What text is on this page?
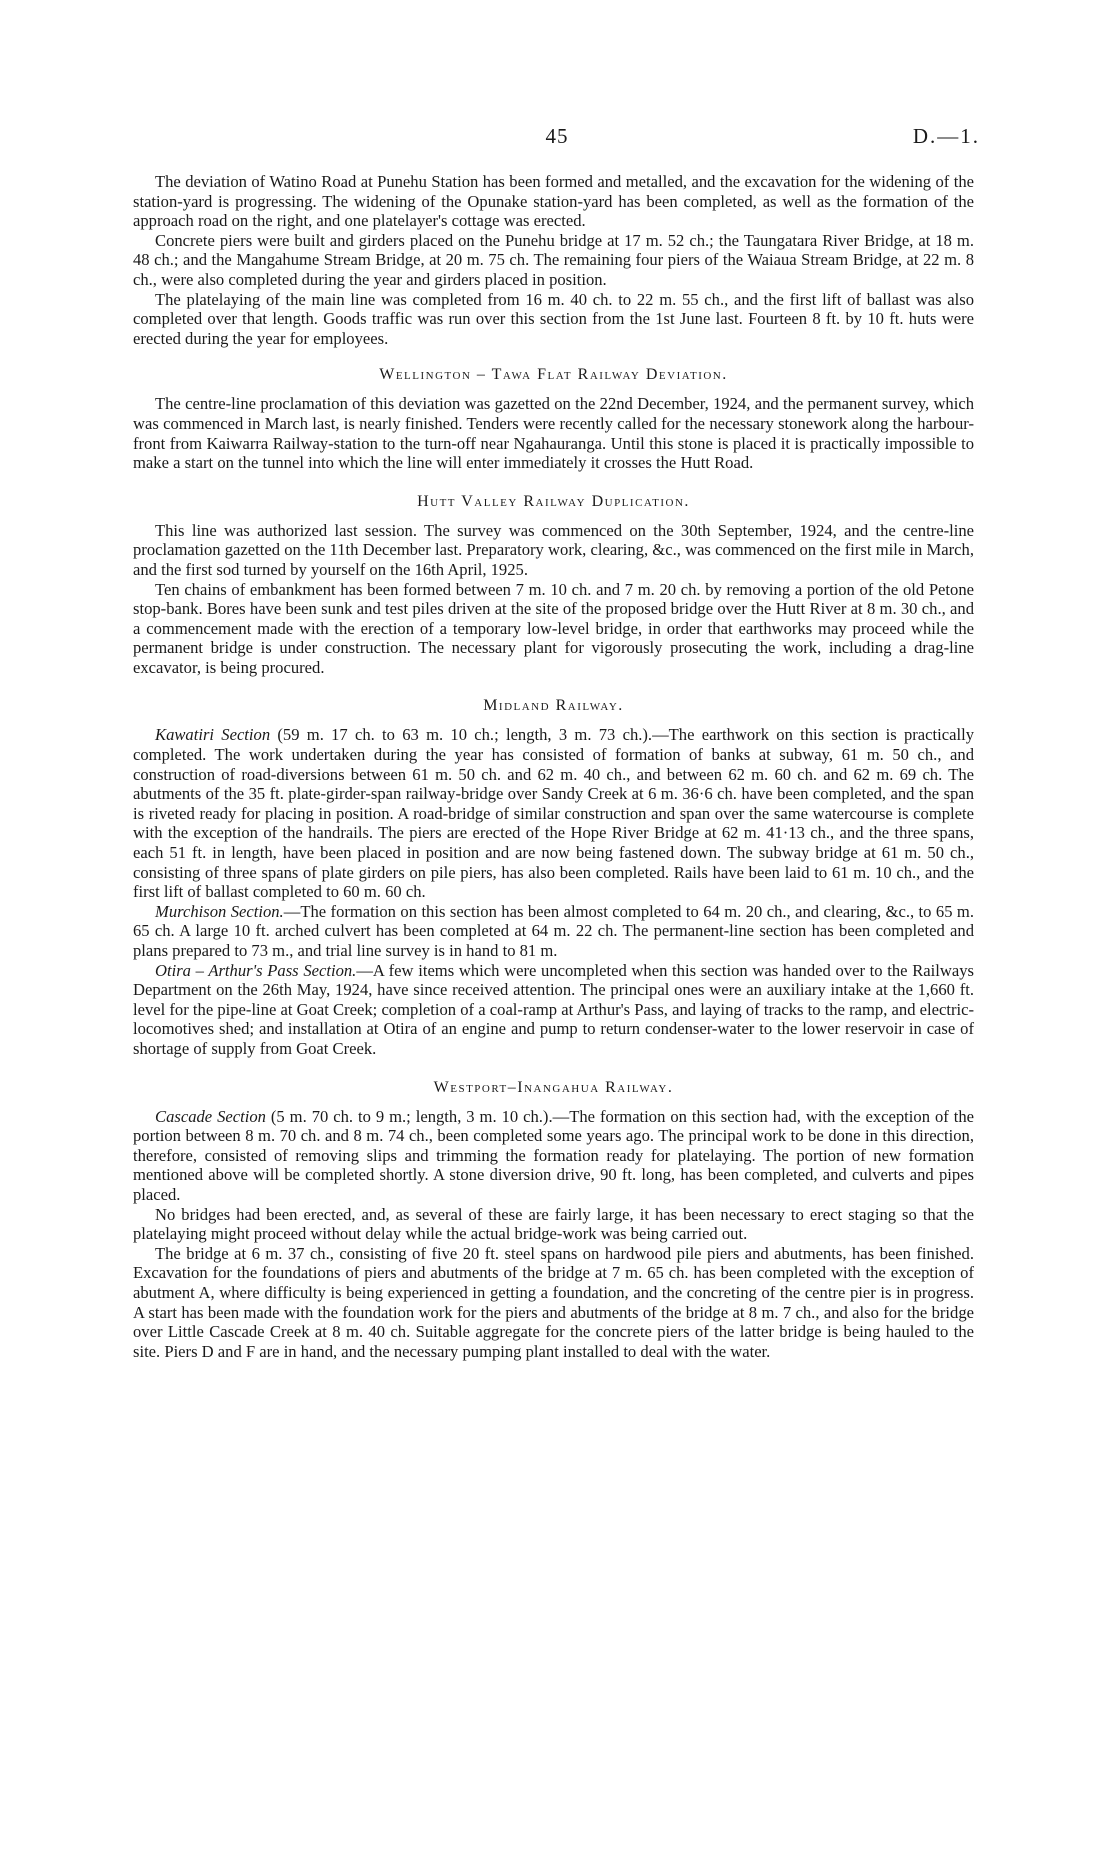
45	D.—1.

The deviation of Watino Road at Punehu Station has been formed and metalled, and the excavation for the widening of the station-yard is progressing. The widening of the Opunake station-yard has been completed, as well as the formation of the approach road on the right, and one platelayer's cottage was erected.

Concrete piers were built and girders placed on the Punehu bridge at 17 m. 52 ch.; the Taungatara River Bridge, at 18 m. 48 ch.; and the Mangahume Stream Bridge, at 20 m. 75 ch. The remaining four piers of the Waiaua Stream Bridge, at 22 m. 8 ch., were also completed during the year and girders placed in position.

The platelaying of the main line was completed from 16 m. 40 ch. to 22 m. 55 ch., and the first lift of ballast was also completed over that length. Goods traffic was run over this section from the 1st June last. Fourteen 8 ft. by 10 ft. huts were erected during the year for employees.

Wellington – Tawa Flat Railway Deviation.

The centre-line proclamation of this deviation was gazetted on the 22nd December, 1924, and the permanent survey, which was commenced in March last, is nearly finished. Tenders were recently called for the necessary stonework along the harbour-front from Kaiwarra Railway-station to the turn-off near Ngahauranga. Until this stone is placed it is practically impossible to make a start on the tunnel into which the line will enter immediately it crosses the Hutt Road.

Hutt Valley Railway Duplication.

This line was authorized last session. The survey was commenced on the 30th September, 1924, and the centre-line proclamation gazetted on the 11th December last. Preparatory work, clearing, &c., was commenced on the first mile in March, and the first sod turned by yourself on the 16th April, 1925.

Ten chains of embankment has been formed between 7 m. 10 ch. and 7 m. 20 ch. by removing a portion of the old Petone stop-bank. Bores have been sunk and test piles driven at the site of the proposed bridge over the Hutt River at 8 m. 30 ch., and a commencement made with the erection of a temporary low-level bridge, in order that earthworks may proceed while the permanent bridge is under construction. The necessary plant for vigorously prosecuting the work, including a drag-line excavator, is being procured.

Midland Railway.

Kawatiri Section (59 m. 17 ch. to 63 m. 10 ch.; length, 3 m. 73 ch.).—The earthwork on this section is practically completed. The work undertaken during the year has consisted of formation of banks at subway, 61 m. 50 ch., and construction of road-diversions between 61 m. 50 ch. and 62 m. 40 ch., and between 62 m. 60 ch. and 62 m. 69 ch. The abutments of the 35 ft. plate-girder-span railway-bridge over Sandy Creek at 6 m. 36·6 ch. have been completed, and the span is riveted ready for placing in position. A road-bridge of similar construction and span over the same watercourse is complete with the exception of the handrails. The piers are erected of the Hope River Bridge at 62 m. 41·13 ch., and the three spans, each 51 ft. in length, have been placed in position and are now being fastened down. The subway bridge at 61 m. 50 ch., consisting of three spans of plate girders on pile piers, has also been completed. Rails have been laid to 61 m. 10 ch., and the first lift of ballast completed to 60 m. 60 ch.

Murchison Section.—The formation on this section has been almost completed to 64 m. 20 ch., and clearing, &c., to 65 m. 65 ch. A large 10 ft. arched culvert has been completed at 64 m. 22 ch. The permanent-line section has been completed and plans prepared to 73 m., and trial line survey is in hand to 81 m.

Otira – Arthur's Pass Section.—A few items which were uncompleted when this section was handed over to the Railways Department on the 26th May, 1924, have since received attention. The principal ones were an auxiliary intake at the 1,660 ft. level for the pipe-line at Goat Creek; completion of a coal-ramp at Arthur's Pass, and laying of tracks to the ramp, and electric-locomotives shed; and installation at Otira of an engine and pump to return condenser-water to the lower reservoir in case of shortage of supply from Goat Creek.

Westport–Inangahua Railway.

Cascade Section (5 m. 70 ch. to 9 m.; length, 3 m. 10 ch.).—The formation on this section had, with the exception of the portion between 8 m. 70 ch. and 8 m. 74 ch., been completed some years ago. The principal work to be done in this direction, therefore, consisted of removing slips and trimming the formation ready for platelaying. The portion of new formation mentioned above will be completed shortly. A stone diversion drive, 90 ft. long, has been completed, and culverts and pipes placed.

No bridges had been erected, and, as several of these are fairly large, it has been necessary to erect staging so that the platelaying might proceed without delay while the actual bridge-work was being carried out.

The bridge at 6 m. 37 ch., consisting of five 20 ft. steel spans on hardwood pile piers and abutments, has been finished. Excavation for the foundations of piers and abutments of the bridge at 7 m. 65 ch. has been completed with the exception of abutment A, where difficulty is being experienced in getting a foundation, and the concreting of the centre pier is in progress. A start has been made with the foundation work for the piers and abutments of the bridge at 8 m. 7 ch., and also for the bridge over Little Cascade Creek at 8 m. 40 ch. Suitable aggregate for the concrete piers of the latter bridge is being hauled to the site. Piers D and F are in hand, and the necessary pumping plant installed to deal with the water.
